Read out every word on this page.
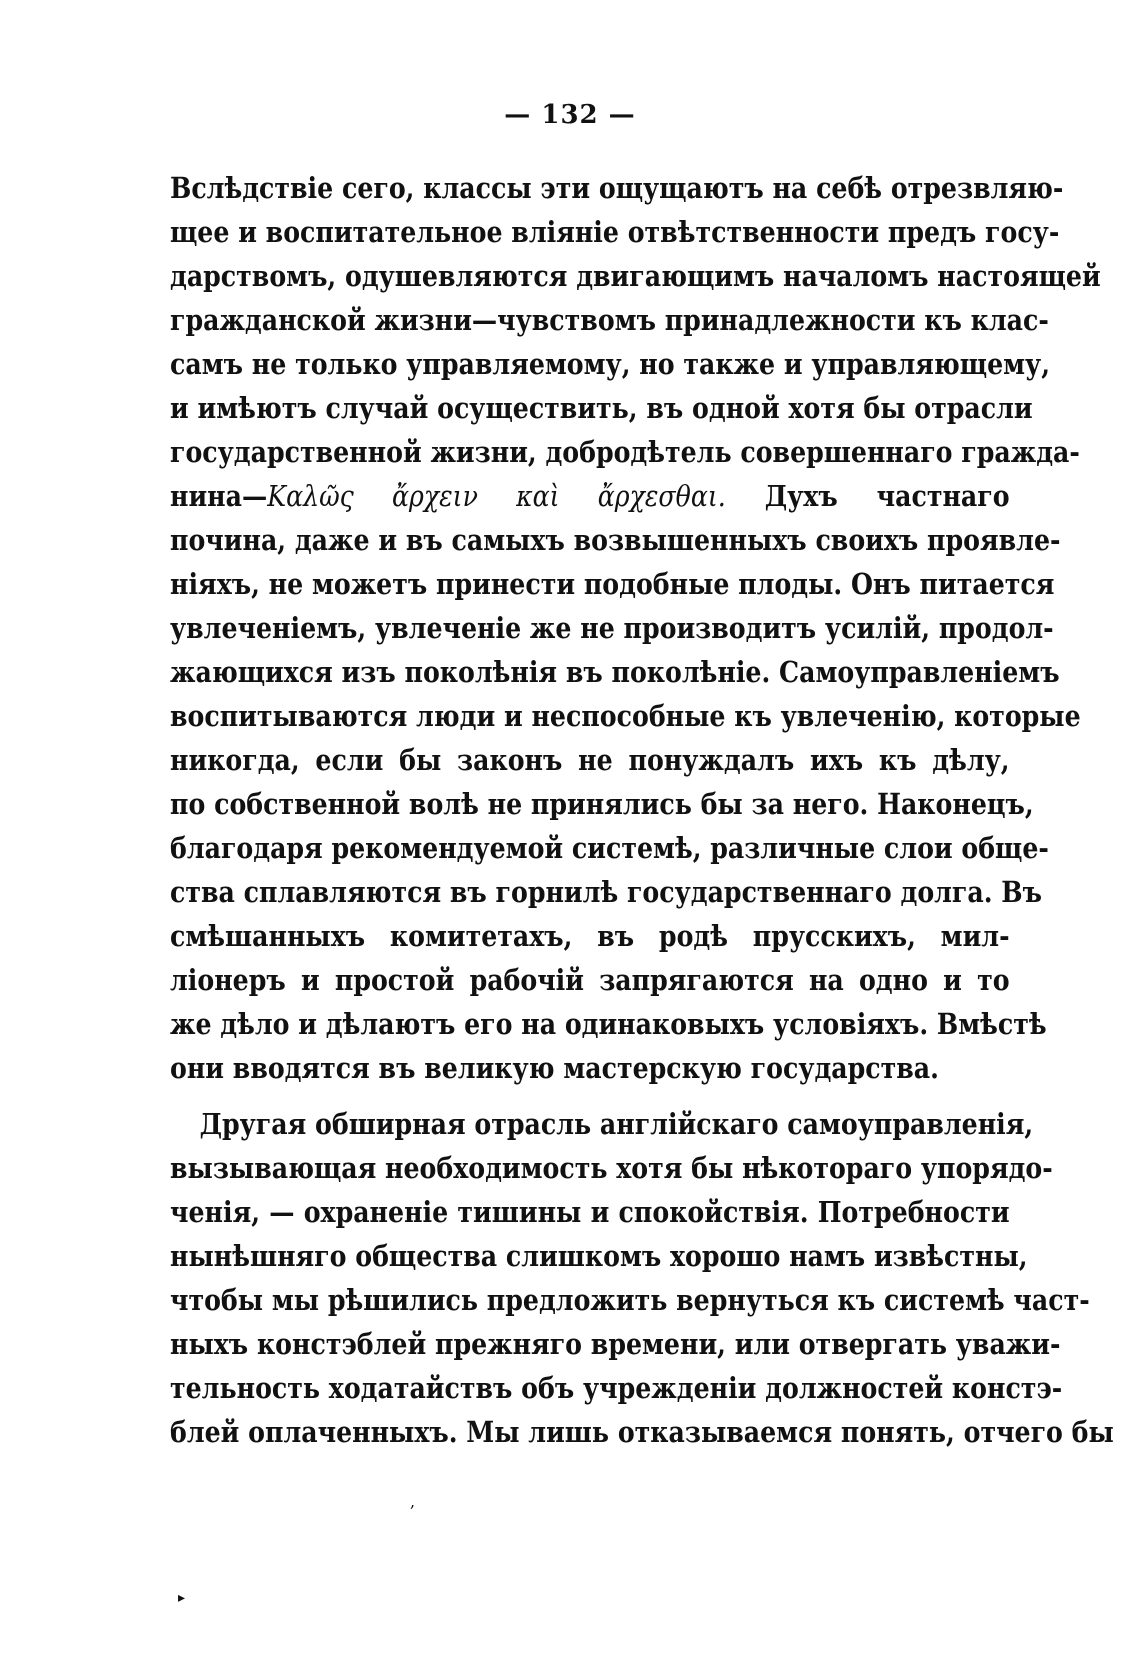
— 132 —
Вслѣдствіе сего, классы эти ощущаютъ на себѣ отрезвляю-
щее и воспитательное вліяніе отвѣтственности предъ госу-
дарствомъ, одушевляются двигающимъ началомъ настоящей
гражданской жизни—чувствомъ принадлежности къ клас-
самъ не только управляемому, но также и управляющему,
и имѣютъ случай осуществить, въ одной хотя бы отрасли
государственной жизни, добродѣтель совершеннаго гражда-
нина—Καλῶς ἄρχειν καὶ ἄρχεσθαι. Духъ частнаго
почина, даже и въ самыхъ возвышенныхъ своихъ проявле-
ніяхъ, не можетъ принести подобные плоды. Онъ питается
увлеченіемъ, увлеченіе же не производитъ усилій, продол-
жающихся изъ поколѣнія въ поколѣніе. Самоуправленіемъ
воспитываются люди и неспособные къ увлеченію, которые
никогда, если бы законъ не понуждалъ ихъ къ дѣлу,
по собственной волѣ не принялись бы за него. Наконецъ,
благодаря рекомендуемой системѣ, различные слои обще-
ства сплавляются въ горнилѣ государственнаго долга. Въ
смѣшанныхъ комитетахъ, въ родѣ прусскихъ, мил-
ліонеръ и простой рабочій запрягаются на одно и то
же дѣло и дѣлаютъ его на одинаковыхъ условіяхъ. Вмѣстѣ
они вводятся въ великую мастерскую государства.
Другая обширная отрасль англійскаго самоуправленія,
вызывающая необходимость хотя бы нѣкотораго упорядо-
ченія, — охраненіе тишины и спокойствія. Потребности
нынѣшняго общества слишкомъ хорошо намъ извѣстны,
чтобы мы рѣшились предложить вернуться къ системѣ част-
ныхъ констэблей прежняго времени, или отвергать уважи-
тельность ходатайствъ объ учрежденіи должностей констэ-
блей оплаченныхъ. Мы лишь отказываемся понять, отчего бы
,
▸
